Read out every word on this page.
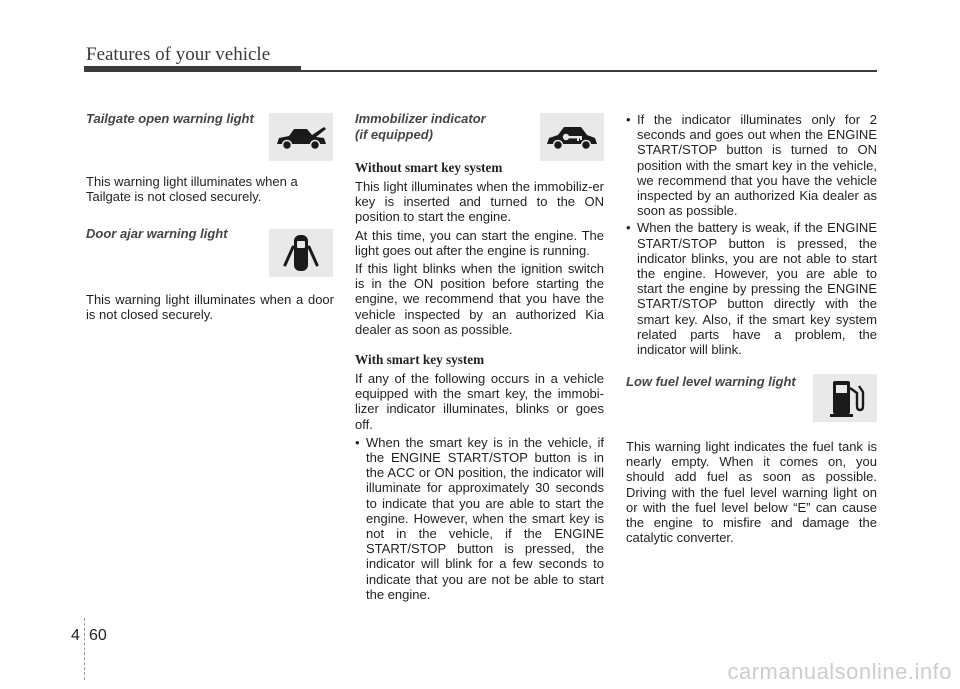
Features of your vehicle
Tailgate open warning light

This warning light illuminates when a Tailgate is not closed securely.

Door ajar warning light

This warning light illuminates when a door is not closed securely.

Immobilizer indicator
(if equipped)
Without smart key system

This light illuminates when the immobiliz-er key is inserted and turned to the ON position to start the engine.

At this time, you can start the engine. The light goes out after the engine is running.

If this light blinks when the ignition switch is in the ON position before starting the engine, we recommend that you have the vehicle inspected by an authorized Kia dealer as soon as possible.

With smart key system

If any of the following occurs in a vehicle equipped with the smart key, the immobi-lizer indicator illuminates, blinks or goes off.

• When the smart key is in the vehicle, if the ENGINE START/STOP button is in the ACC or ON position, the indicator will illuminate for approximately 30 seconds to indicate that you are able to start the engine. However, when the smart key is not in the vehicle, if the ENGINE START/STOP button is pressed, the indicator will blink for a few seconds to indicate that you are not be able to start the engine.

• If the indicator illuminates only for 2 seconds and goes out when the ENGINE START/STOP button is turned to ON position with the smart key in the vehicle, we recommend that you have the vehicle inspected by an authorized Kia dealer as soon as possible.

• When the battery is weak, if the ENGINE START/STOP button is pressed, the indicator blinks, you are not able to start the engine. However, you are able to start the engine by pressing the ENGINE START/STOP button directly with the smart key. Also, if the smart key system related parts have a problem, the indicator will blink.

Low fuel level warning light

This warning light indicates the fuel tank is nearly empty. When it comes on, you should add fuel as soon as possible. Driving with the fuel level warning light on or with the fuel level below “E” can cause the engine to misfire and damage the catalytic converter.

4 60
carmanualsonline.info
